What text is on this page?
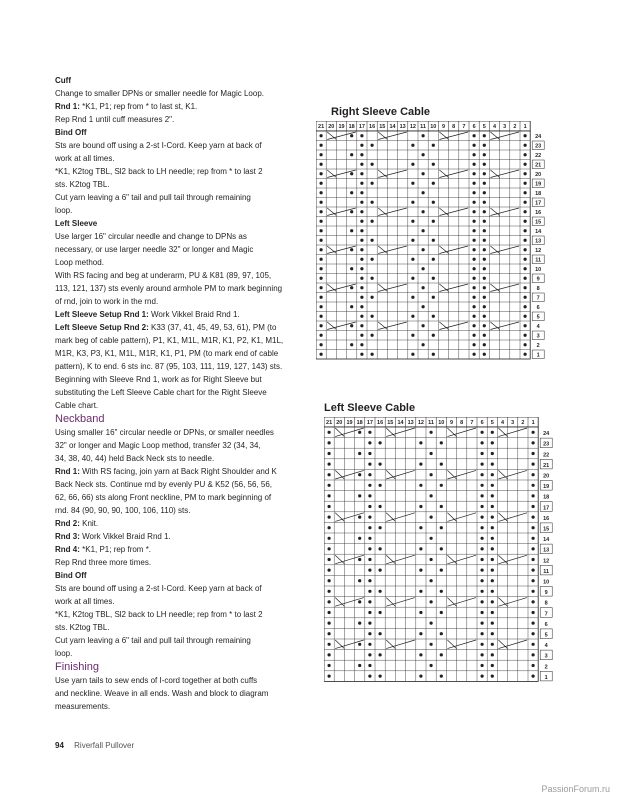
Cuff

Change to smaller DPNs or smaller needle for Magic Loop.

Rnd 1: *K1, P1; rep from * to last st, K1.

Rep Rnd 1 until cuff measures 2".

Bind Off

Sts are bound off using a 2-st I-Cord. Keep yarn at back of

work at all times.

*K1, K2tog TBL, Sl2 back to LH needle; rep from * to last 2

sts. K2tog TBL.

Cut yarn leaving a 6" tail and pull tail through remaining

loop.

Left Sleeve

Use larger 16" circular needle and change to DPNs as

necessary, or use larger needle 32" or longer and Magic

Loop method.

With RS facing and beg at underarm, PU & K81 (89, 97, 105,

113, 121, 137) sts evenly around armhole PM to mark beginning

of rnd, join to work in the rnd.

Left Sleeve Setup Rnd 1: Work Vikkel Braid Rnd 1.

Left Sleeve Setup Rnd 2: K33 (37, 41, 45, 49, 53, 61), PM (to

mark beg of cable pattern), P1, K1, M1L, M1R, K1, P2, K1, M1L,

M1R, K3, P3, K1, M1L, M1R, K1, P1, PM (to mark end of cable

pattern), K to end. 6 sts inc. 87 (95, 103, 111, 119, 127, 143) sts.

Beginning with Sleeve Rnd 1, work as for Right Sleeve but

substituting the Left Sleeve Cable chart for the Right Sleeve

Cable chart.

Neckband

Using smaller 16" circular needle or DPNs, or smaller needles

32" or longer and Magic Loop method, transfer 32 (34, 34,

34, 38, 40, 44) held Back Neck sts to needle.

Rnd 1: With RS facing, join yarn at Back Right Shoulder and K

Back Neck sts. Continue rnd by evenly PU & K52 (56, 56, 56,

62, 66, 66) sts along Front neckline, PM to mark beginning of

rnd. 84 (90, 90, 90, 100, 106, 110) sts.

Rnd 2: Knit.

Rnd 3: Work Vikkel Braid Rnd 1.

Rnd 4: *K1, P1; rep from *.

Rep Rnd three more times.

Bind Off

Sts are bound off using a 2-st I-Cord. Keep yarn at back of

work at all times.

*K1, K2tog TBL, Sl2 back to LH needle; rep from * to last 2

sts. K2tog TBL.

Cut yarn leaving a 6" tail and pull tail through remaining

loop.

Finishing

Use yarn tails to sew ends of I-cord together at both cuffs

and neckline. Weave in all ends. Wash and block to diagram

measurements.

Right Sleeve Cable
21 20 19 18 17 16 15 14 13 12 11 10 9 8 7 6 5 4 3 2 1
24
23
22
21
20
19
18
17
16
15
14
13
12
11
10
9
8
7
6
5
4
3
2
1
Left Sleeve Cable
21 20 19 18 17 16 15 14 13 12 11 10 9 8 7 6 5 4 3 2 1
24
23
22
21
20
19
18
17
16
15
14
13
12
11
10
9
8
7
6
5
4
3
2
1
94 Riverfall Pullover
PassionForum.ru
